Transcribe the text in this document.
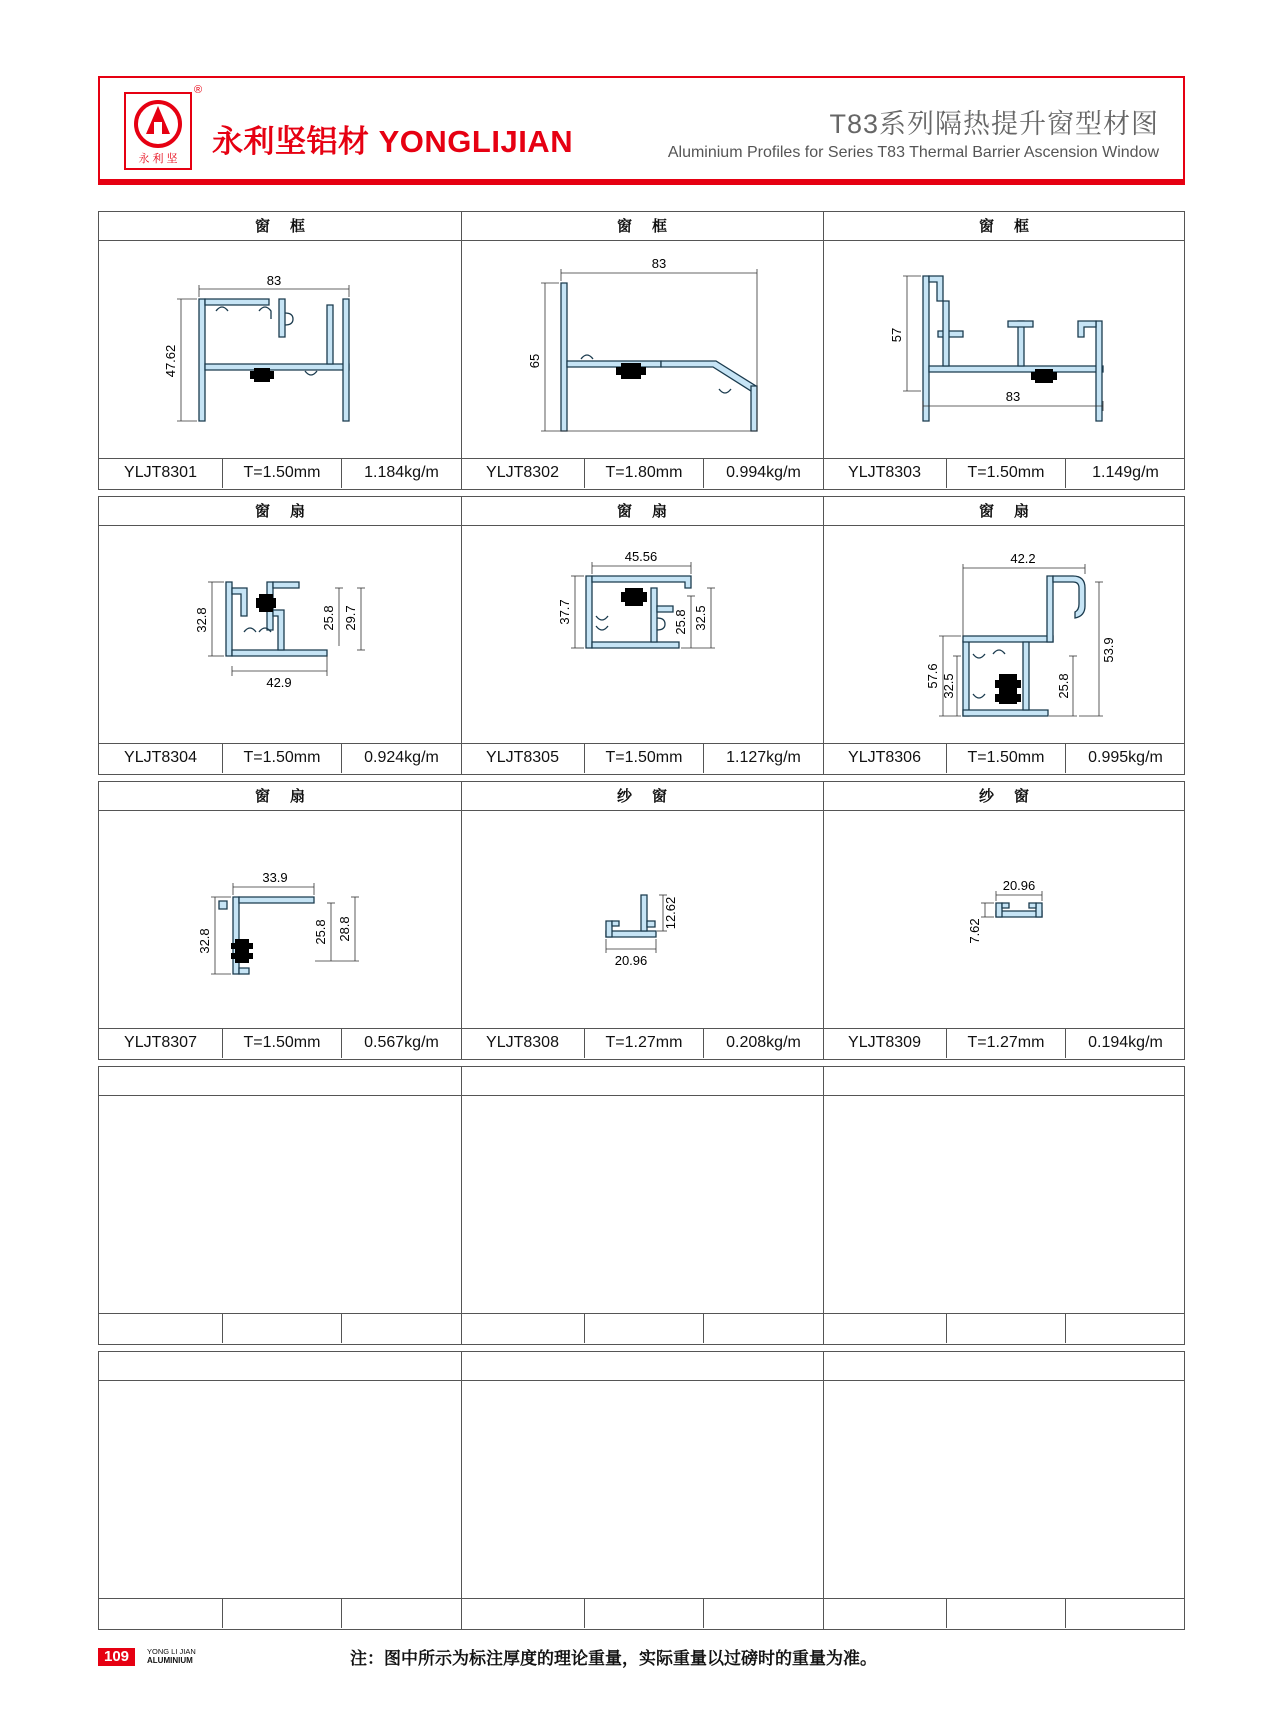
永 利 坚
®
永利坚铝材 YONGLIJIAN	T83系列隔热提升窗型材图
Aluminium Profiles for Series T83 Thermal Barrier Ascension Window
窗框
83
47.62
YLJT8301	T=1.50mm	1.184kg/m
窗框
83
65
YLJT8302	T=1.80mm	0.994kg/m
窗框
57
83
YLJT8303	T=1.50mm	1.149g/m
窗扇
32.8	25.8 29.7
42.9
YLJT8304	T=1.50mm	0.924kg/m
窗扇
45.56
37.7	25.8 32.5
YLJT8305	T=1.50mm	1.127kg/m
窗扇
42.2
57.6 32.5	25.8
53.9
YLJT8306	T=1.50mm	0.995kg/m
窗扇
33.9
32.8	25.8 28.8
YLJT8307	T=1.50mm	0.567kg/m
纱窗
12.62
20.96
YLJT8308	T=1.27mm	0.208kg/m
纱窗
20.96
7.62
YLJT8309	T=1.27mm	0.194kg/m
109	YONG LI JIAN
ALUMINIUM	注：图中所示为标注厚度的理论重量，实际重量以过磅时的重量为准。
